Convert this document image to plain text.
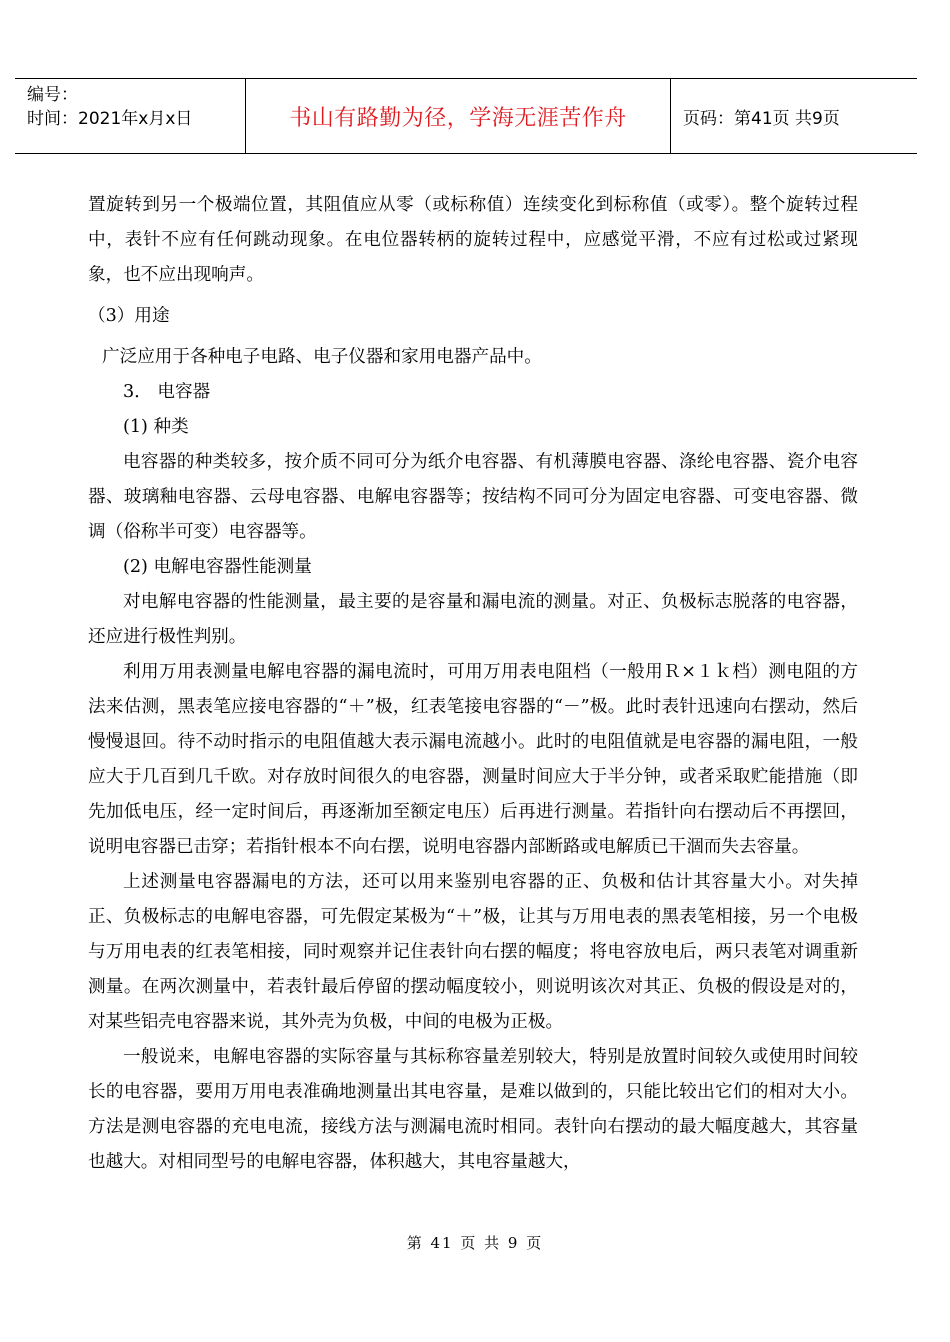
编号：
时间：2021年x月x日	书山有路勤为径，学海无涯苦作舟	页码：第41页 共9页

置旋转到另一个极端位置，其阻值应从零（或标称值）连续变化到标称值（或零）。整个旋转过程中，表针不应有任何跳动现象。在电位器转柄的旋转过程中，应感觉平滑，不应有过松或过紧现象，也不应出现响声。

（3）用途

广泛应用于各种电子电路、电子仪器和家用电器产品中。

3． 电容器

(1) 种类

电容器的种类较多，按介质不同可分为纸介电容器、有机薄膜电容器、涤纶电容器、瓷介电容器、玻璃釉电容器、云母电容器、电解电容器等；按结构不同可分为固定电容器、可变电容器、微调（俗称半可变）电容器等。

(2) 电解电容器性能测量

对电解电容器的性能测量，最主要的是容量和漏电流的测量。对正、负极标志脱落的电容器，还应进行极性判别。

利用万用表测量电解电容器的漏电流时，可用万用表电阻档（一般用Ｒ×１ｋ档）测电阻的方法来估测，黑表笔应接电容器的“＋”极，红表笔接电容器的“－”极。此时表针迅速向右摆动，然后慢慢退回。待不动时指示的电阻值越大表示漏电流越小。此时的电阻值就是电容器的漏电阻，一般应大于几百到几千欧。对存放时间很久的电容器，测量时间应大于半分钟，或者采取贮能措施（即先加低电压，经一定时间后，再逐渐加至额定电压）后再进行测量。若指针向右摆动后不再摆回，说明电容器已击穿；若指针根本不向右摆，说明电容器内部断路或电解质已干涸而失去容量。

上述测量电容器漏电的方法，还可以用来鉴别电容器的正、负极和估计其容量大小。对失掉正、负极标志的电解电容器，可先假定某极为“＋”极，让其与万用电表的黑表笔相接，另一个电极与万用电表的红表笔相接，同时观察并记住表针向右摆的幅度；将电容放电后，两只表笔对调重新测量。在两次测量中，若表针最后停留的摆动幅度较小，则说明该次对其正、负极的假设是对的，对某些铝壳电容器来说，其外壳为负极，中间的电极为正极。

一般说来，电解电容器的实际容量与其标称容量差别较大，特别是放置时间较久或使用时间较长的电容器，要用万用电表准确地测量出其电容量，是难以做到的，只能比较出它们的相对大小。方法是测电容器的充电电流，接线方法与测漏电流时相同。表针向右摆动的最大幅度越大，其容量也越大。对相同型号的电解电容器，体积越大，其电容量越大，

第 41 页 共 9 页
